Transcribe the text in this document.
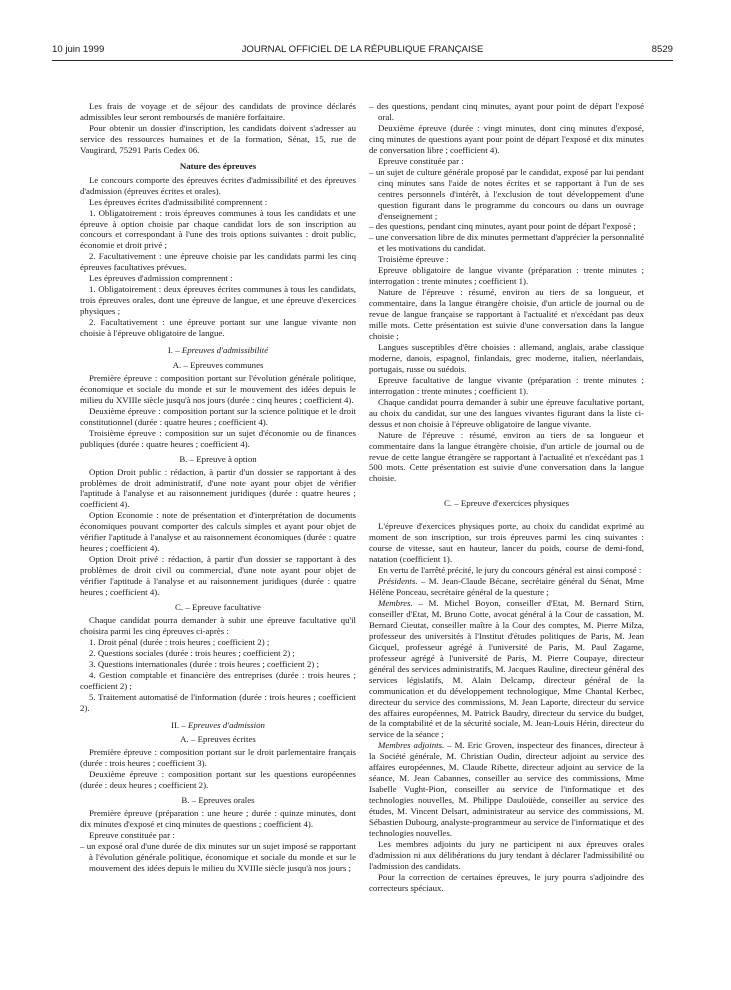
10 juin 1999	JOURNAL OFFICIEL DE LA RÉPUBLIQUE FRANÇAISE	8529

Les frais de voyage et de séjour des candidats de province déclarés admissibles leur seront remboursés de manière forfaitaire.

Pour obtenir un dossier d'inscription, les candidats doivent s'adresser au service des ressources humaines et de la formation, Sénat, 15, rue de Vaugirard, 75291 Paris Cedex 06.

Nature des épreuves

Le concours comporte des épreuves écrites d'admissibilité et des épreuves d'admission (épreuves écrites et orales).

Les épreuves écrites d'admissibilité comprennent :

1. Obligatoirement : trois épreuves communes à tous les candidats et une épreuve à option choisie par chaque candidat lors de son inscription au concours et correspondant à l'une des trois options suivantes : droit public, économie et droit privé ;

2. Facultativement : une épreuve choisie par les candidats parmi les cinq épreuves facultatives prévues.

Les épreuves d'admission comprennent :

1. Obligatoirement : deux épreuves écrites communes à tous les candidats, trois épreuves orales, dont une épreuve de langue, et une épreuve d'exercices physiques ;

2. Facultativement : une épreuve portant sur une langue vivante non choisie à l'épreuve obligatoire de langue.

I. – Epreuves d'admissibilité

A. – Epreuves communes

Première épreuve : composition portant sur l'évolution générale politique, économique et sociale du monde et sur le mouvement des idées depuis le milieu du XVIIIe siècle jusqu'à nos jours (durée : cinq heures ; coefficient 4).

Deuxième épreuve : composition portant sur la science politique et le droit constitutionnel (durée : quatre heures ; coefficient 4).

Troisième épreuve : composition sur un sujet d'économie ou de finances publiques (durée : quatre heures ; coefficient 4).

B. – Epreuve à option

Option Droit public : rédaction, à partir d'un dossier se rapportant à des problèmes de droit administratif, d'une note ayant pour objet de vérifier l'aptitude à l'analyse et au raisonnement juridiques (durée : quatre heures ; coefficient 4).

Option Economie : note de présentation et d'interprétation de documents économiques pouvant comporter des calculs simples et ayant pour objet de vérifier l'aptitude à l'analyse et au raisonnement économiques (durée : quatre heures ; coefficient 4).

Option Droit privé : rédaction, à partir d'un dossier se rapportant à des problèmes de droit civil ou commercial, d'une note ayant pour objet de vérifier l'aptitude à l'analyse et au raisonnement juridiques (durée : quatre heures ; coefficient 4).

C. – Epreuve facultative

Chaque candidat pourra demander à subir une épreuve facultative qu'il choisira parmi les cinq épreuves ci-après :

1. Droit pénal (durée : trois heures ; coefficient 2) ;

2. Questions sociales (durée : trois heures ; coefficient 2) ;

3. Questions internationales (durée : trois heures ; coefficient 2) ;

4. Gestion comptable et financière des entreprises (durée : trois heures ; coefficient 2) ;

5. Traitement automatisé de l'information (durée : trois heures ; coefficient 2).

II. – Epreuves d'admission

A. – Epreuves écrites

Première épreuve : composition portant sur le droit parlementaire français (durée : trois heures ; coefficient 3).

Deuxième épreuve : composition portant sur les questions européennes (durée : deux heures ; coefficient 2).

B. – Epreuves orales

Première épreuve (préparation : une heure ; durée : quinze minutes, dont dix minutes d'exposé et cinq minutes de questions ; coefficient 4).

Epreuve constituée par :

– un exposé oral d'une durée de dix minutes sur un sujet imposé se rapportant à l'évolution générale politique, économique et sociale du monde et sur le mouvement des idées depuis le milieu du XVIIIe siècle jusqu'à nos jours ;

– des questions, pendant cinq minutes, ayant pour point de départ l'exposé oral.

Deuxième épreuve (durée : vingt minutes, dont cinq minutes d'exposé, cinq minutes de questions ayant pour point de départ l'exposé et dix minutes de conversation libre ; coefficient 4).

Epreuve constituée par :

– un sujet de culture générale proposé par le candidat, exposé par lui pendant cinq minutes sans l'aide de notes écrites et se rapportant à l'un de ses centres personnels d'intérêt, à l'exclusion de tout développement d'une question figurant dans le programme du concours ou dans un ouvrage d'enseignement ;

– des questions, pendant cinq minutes, ayant pour point de départ l'exposé ;

– une conversation libre de dix minutes permettant d'apprécier la personnalité et les motivations du candidat.

Troisième épreuve :

Epreuve obligatoire de langue vivante (préparation : trente minutes ; interrogation : trente minutes ; coefficient 1).

Nature de l'épreuve : résumé, environ au tiers de sa longueur, et commentaire, dans la langue étrangère choisie, d'un article de journal ou de revue de langue française se rapportant à l'actualité et n'excédant pas deux mille mots. Cette présentation est suivie d'une conversation dans la langue choisie ;

Langues susceptibles d'être choisies : allemand, anglais, arabe classique moderne, danois, espagnol, finlandais, grec moderne, italien, néerlandais, portugais, russe ou suédois.

Epreuve facultative de langue vivante (préparation : trente minutes ; interrogation : trente minutes ; coefficient 1).

Chaque candidat pourra demander à subir une épreuve facultative portant, au choix du candidat, sur une des langues vivantes figurant dans la liste ci-dessus et non choisie à l'épreuve obligatoire de langue vivante.

Nature de l'épreuve : résumé, environ au tiers de sa longueur et commentaire dans la langue étrangère choisie, d'un article de journal ou de revue de cette langue étrangère se rapportant à l'actualité et n'excédant pas 1 500 mots. Cette présentation est suivie d'une conversation dans la langue choisie.

C. – Epreuve d'exercices physiques

L'épreuve d'exercices physiques porte, au choix du candidat exprimé au moment de son inscription, sur trois épreuves parmi les cinq suivantes : course de vitesse, saut en hauteur, lancer du poids, course de demi-fond, natation (coefficient 1).

En vertu de l'arrêté précité, le jury du concours général est ainsi composé :

Présidents. – M. Jean-Claude Bécane, secrétaire général du Sénat, Mme Hélène Ponceau, secrétaire général de la questure ;

Membres. – M. Michel Boyon, conseiller d'Etat, M. Bernard Stirn, conseiller d'Etat, M. Bruno Cotte, avocat général à la Cour de cassation, M. Bernard Cieutat, conseiller maître à la Cour des comptes, M. Pierre Milza, professeur des universités à l'Institut d'études politiques de Paris, M. Jean Gicquel, professeur agrégé à l'université de Paris, M. Paul Zagame, professeur agrégé à l'université de Paris, M. Pierre Coupaye, directeur général des services administratifs, M. Jacques Rauline, directeur général des services législatifs, M. Alain Delcamp, directeur général de la communication et du développement technologique, Mme Chantal Kerbec, directeur du service des commissions, M. Jean Laporte, directeur du service des affaires européennes, M. Patrick Baudry, directeur du service du budget, de la comptabilité et de la sécurité sociale, M. Jean-Louis Hérin, directeur du service de la séance ;

Membres adjoints. – M. Eric Groven, inspecteur des finances, directeur à la Société générale, M. Christian Oudin, directeur adjoint au service des affaires européennes, M. Claude Ribette, directeur adjoint au service de la séance, M. Jean Cabannes, conseiller au service des commissions, Mme Isabelle Vught-Pion, conseiller au service de l'informatique et des technologies nouvelles, M. Philippe Dauloüède, conseiller au service des études, M. Vincent Delsart, administrateur au service des commissions, M. Sébastien Dubourg, analyste-programmeur au service de l'informatique et des technologies nouvelles.

Les membres adjoints du jury ne participent ni aux épreuves orales d'admission ni aux délibérations du jury tendant à déclarer l'admissibilité ou l'admission des candidats.

Pour la correction de certaines épreuves, le jury pourra s'adjoindre des correcteurs spéciaux.
